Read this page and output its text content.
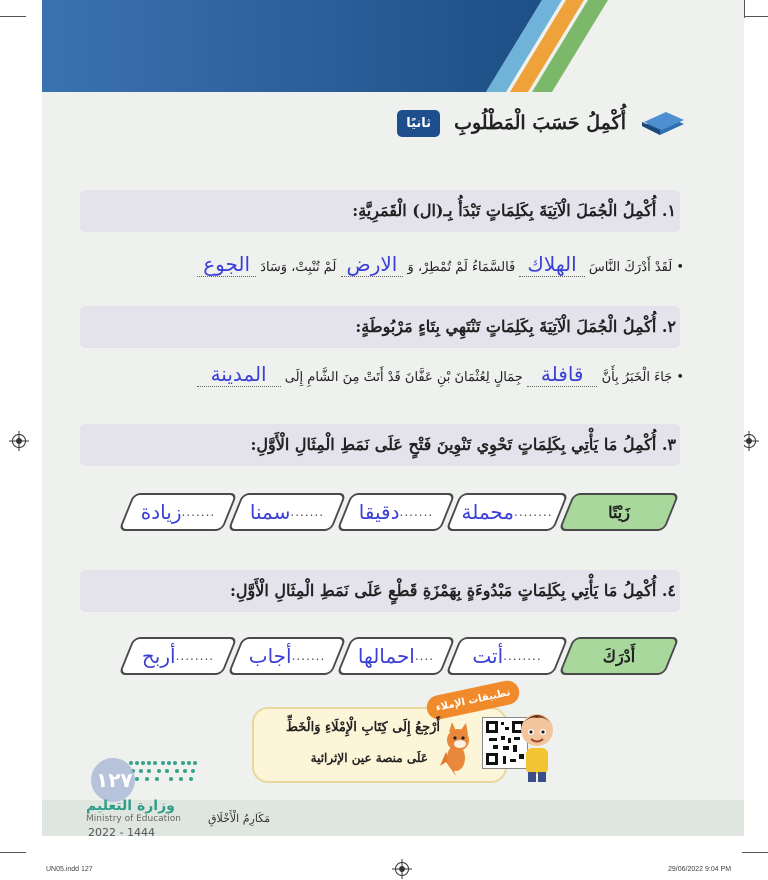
ثانيًا	أُكْمِلُ حَسَبَ الْمَطْلُوبِ
١. أُكْمِلُ الْجُمَلَ الْآتِيَةَ بِكَلِمَاتٍ تَبْدَأُ بِـ(ال) الْقَمَرِيَّةِ:
• لَقَدْ أَدْرَكَ النَّاسَ الهلاك فَالسَّمَاءُ لَمْ تُمْطِرْ، وَ الارض لَمْ تُنْبِتْ، وَسَادَ الجوع
٢. أُكْمِلُ الْجُمَلَ الْآتِيَةَ بِكَلِمَاتٍ تَنْتَهِي بِتَاءٍ مَرْبُوطَةٍ:
• جَاءَ الْخَبَرُ بِأَنَّ قافلة جِمَالٍ لِعُثْمَانَ بْنِ عَفَّانَ قَدْ أَتَتْ مِنَ الشَّامِ إِلَى المدينة
٣. أُكْمِلُ مَا يَأْتِي بِكَلِمَاتٍ تَحْوِي تَنْوِينَ فَتْحٍ عَلَى نَمَطِ الْمِثَالِ الْأَوَّلِ:
زَيْتًا
........
محملة
.......
دقيقا
.......
سمنا
.......
زيادة
٤. أُكْمِلُ مَا يَأْتِي بِكَلِمَاتٍ مَبْدُوءَةٍ بِهَمْزَةِ قَطْعٍ عَلَى نَمَطِ الْمِثَالِ الْأَوَّلِ:
أَدْرَكَ
........
أتت
....
احمالها
.......
أجاب
........
أربح
تطبيقات الإملاء
أَرْجِعُ إِلَى كِتَابِ الْإِمْلَاءِ وَالْخَطِّ
عَلَى منصة عين الإثرائية
١٢٧
وزارة التعليم
Ministry of Education
2022 - 1444
مَكَارِمُ الْأَخْلَاقِ
UN05.indd 127	29/06/2022 9:04 PM
